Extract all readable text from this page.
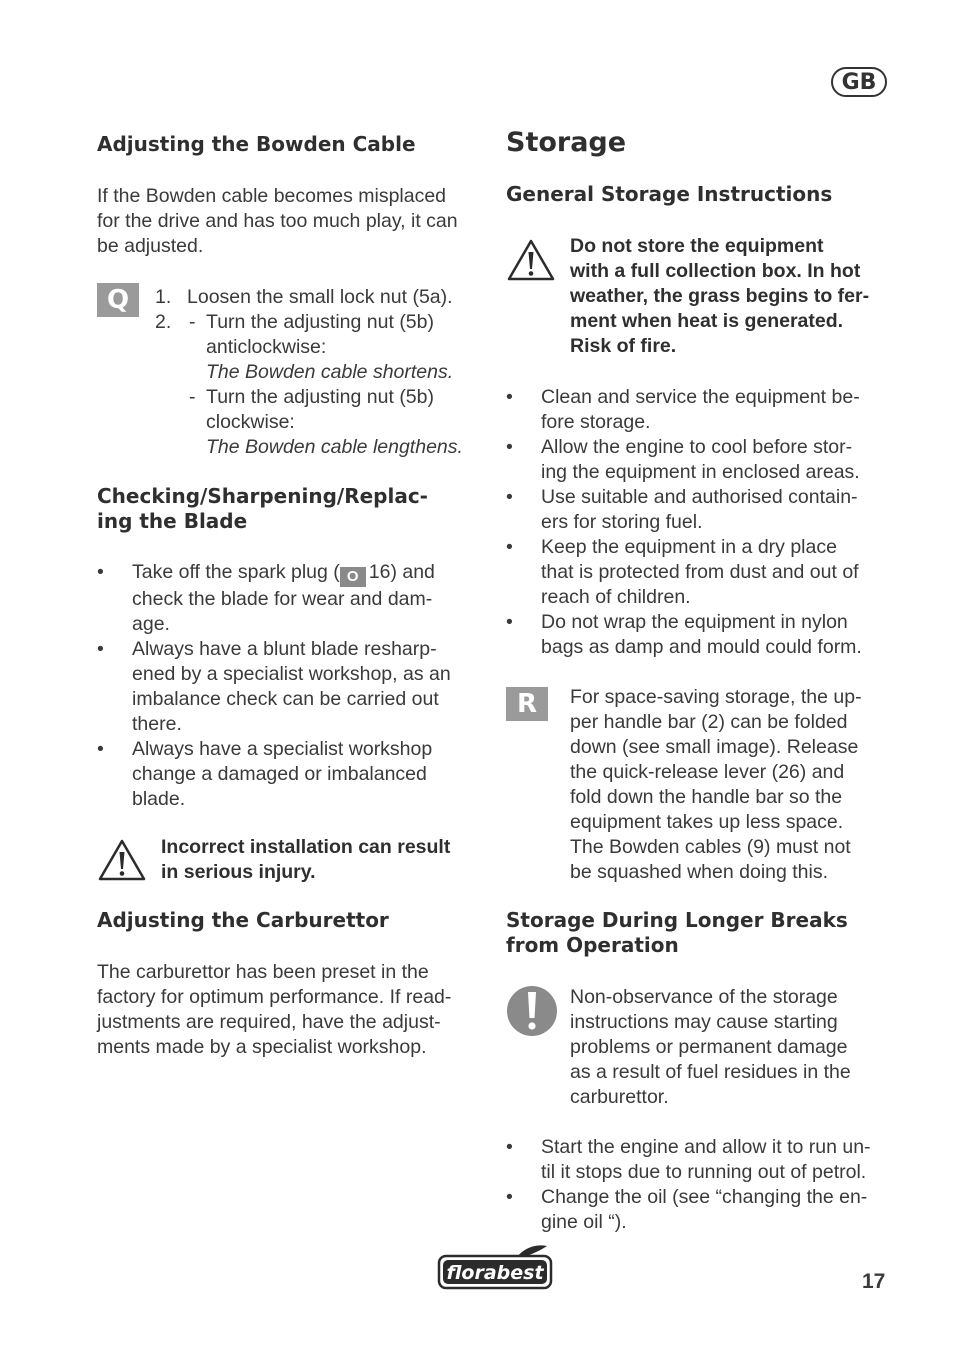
GB
Adjusting the Bowden Cable
If the Bowden cable becomes misplaced
for the drive and has too much play, it can
be adjusted.
Q 1. Loosen the small lock nut (5a).
2. - Turn the adjusting nut (5b)
anticlockwise:
The Bowden cable shortens.
- Turn the adjusting nut (5b)
clockwise:
The Bowden cable lengthens.
Checking/Sharpening/Replac-
ing the Blade
• Take off the spark plug ( O 16) and
check the blade for wear and dam-
age.
• Always have a blunt blade resharp-
ened by a specialist workshop, as an
imbalance check can be carried out
there.
• Always have a specialist workshop
change a damaged or imbalanced
blade.
Incorrect installation can result
in serious injury.
Adjusting the Carburettor
The carburettor has been preset in the
factory for optimum performance. If read-
justments are required, have the adjust-
ments made by a specialist workshop.
Storage
General Storage Instructions
Do not store the equipment
with a full collection box. In hot
weather, the grass begins to fer-
ment when heat is generated.
Risk of fire.
• Clean and service the equipment be-
fore storage.
• Allow the engine to cool before stor-
ing the equipment in enclosed areas.
• Use suitable and authorised contain-
ers for storing fuel.
• Keep the equipment in a dry place
that is protected from dust and out of
reach of children.
• Do not wrap the equipment in nylon
bags as damp and mould could form.
R For space-saving storage, the up-
per handle bar (2) can be folded
down (see small image). Release
the quick-release lever (26) and
fold down the handle bar so the
equipment takes up less space.
The Bowden cables (9) must not
be squashed when doing this.
Storage During Longer Breaks
from Operation
Non-observance of the storage
instructions may cause starting
problems or permanent damage
as a result of fuel residues in the
carburettor.
• Start the engine and allow it to run un-
til it stops due to running out of petrol.
• Change the oil (see “changing the en-
gine oil “).
florabest	17
